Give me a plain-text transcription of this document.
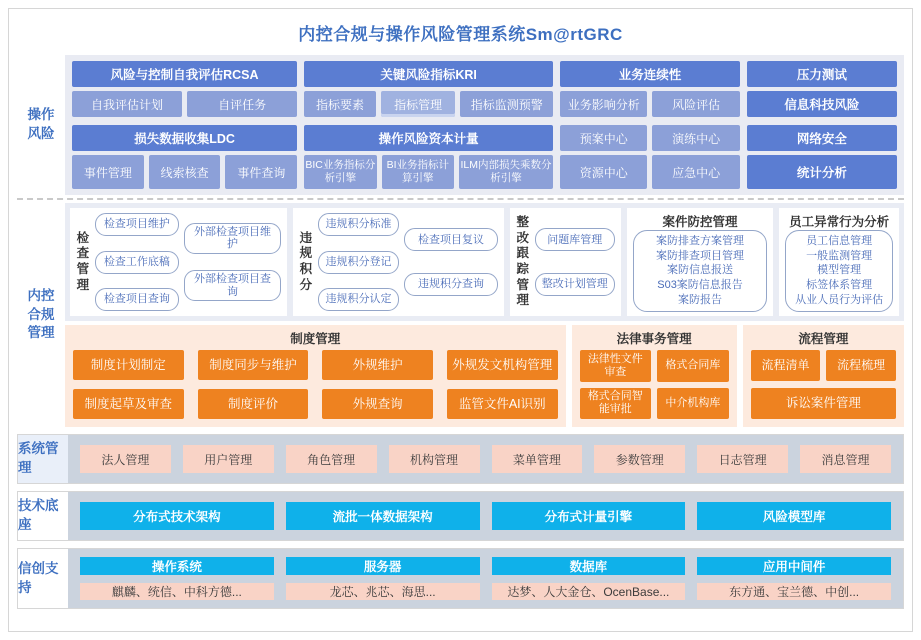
内控合规与操作风险管理系统Sm@rtGRC
操作风险
风险与控制自我评估RCSA
自我评估计划	自评任务
损失数据收集LDC
事件管理	线索核查	事件查询
关键风险指标KRI
指标要素	指标管理	指标监测预警
操作风险资本计量
BIC业务指标分析引擎
BI业务指标计算引擎
ILM内部损失乘数分析引擎
业务连续性
业务影响分析	风险评估
预案中心	演练中心
资源中心	应急中心
压力测试
信息科技风险
网络安全
统计分析
内控合规管理
检查管理
检查项目维护
检查工作底稿
检查项目查询
外部检查项目维护
外部检查项目查询
违规积分
违规积分标准
违规积分登记
违规积分认定
检查项目复议
违规积分查询
整改跟踪管理
问题库管理
整改计划管理
案件防控管理
案防排查方案管理
案防排查项目管理
案防信息报送
S03案防信息报告
案防报告
员工异常行为分析
员工信息管理
一般监测管理
模型管理
标签体系管理
从业人员行为评估
制度管理
制度计划制定	制度同步与维护	外规维护	外规发文机构管理
制度起草及审查	制度评价	外规查询	监管文件AI识别
法律事务管理
法律性文件审查
格式合同库
格式合同智能审批
中介机构库
流程管理
流程清单	流程梳理
诉讼案件管理
系统管理
法人管理	用户管理	角色管理	机构管理	菜单管理	参数管理	日志管理	消息管理
技术底座	分布式技术架构	流批一体数据架构	分布式计量引擎	风险模型库
信创支持
操作系统
麒麟、统信、中科方德...
服务器
龙芯、兆芯、海思...
数据库
达梦、人大金仓、OcenBase...
应用中间件
东方通、宝兰德、中创...
